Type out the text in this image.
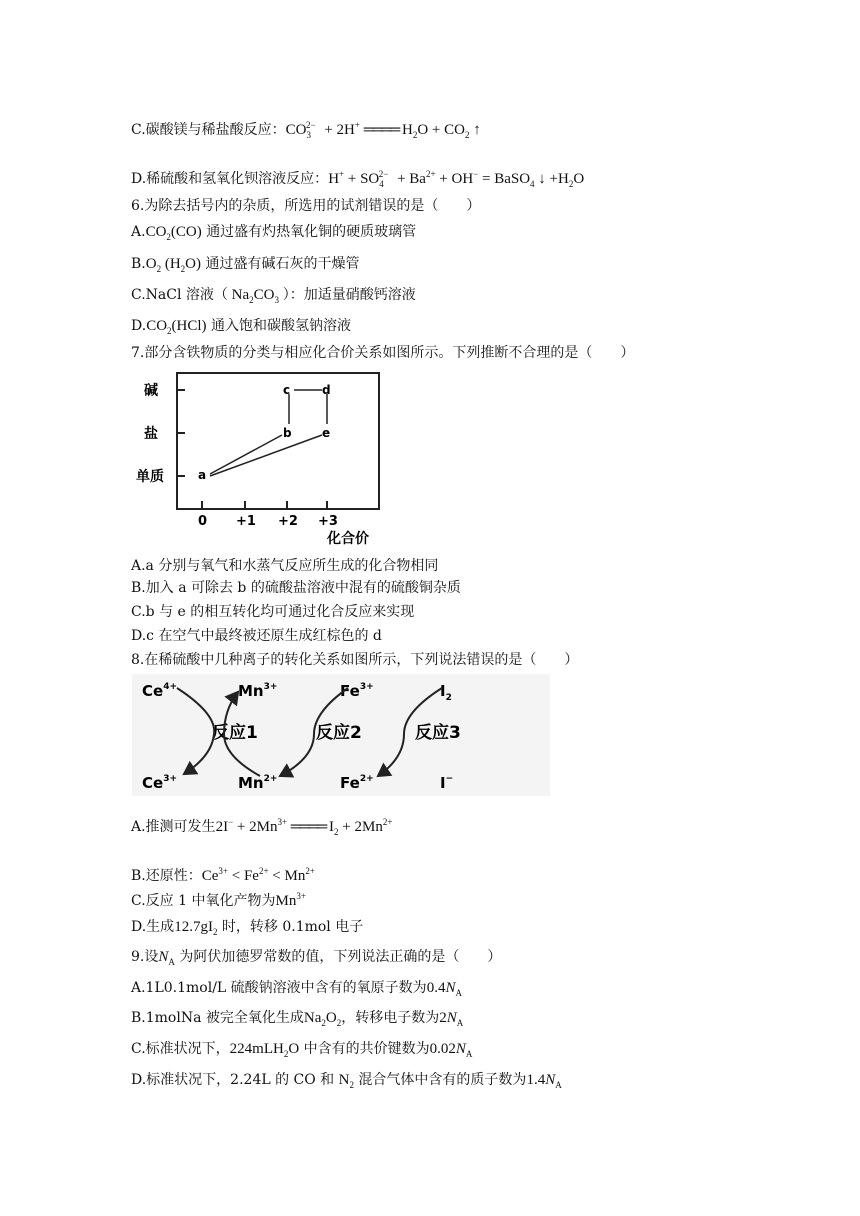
C.碳酸镁与稀盐酸反应：$CO_3^{2-} + 2H^+$ ════ $H_2O + CO_2$ ↑
D.稀硫酸和氢氧化钡溶液反应：$H^+ + SO_4^{2-} + Ba^{2+} + OH^-$ = BaSO$_4$ ↓ $+H_2O$
6.为除去括号内的杂质，所选用的试剂错误的是（　　）
$A.CO_2(CO)$ 通过盛有灼热氧化铜的硬质玻璃管
$B.O_2$ $(H_2O)$ 通过盛有碱石灰的干燥管
C.NaCl 溶液（ $Na_2CO_3$ ）：加适量硝酸钙溶液
$D.CO_2(HCl)$ 通入饱和碳酸氢钠溶液
7.部分含铁物质的分类与相应化合价关系如图所示。下列推断不合理的是（　　）
碱
盐
单质
0 +1 +2 +3
化合价
a
b
c	d
e
A.a 分别与氧气和水蒸气反应所生成的化合物相同
B.加入 a 可除去 b 的硫酸盐溶液中混有的硫酸铜杂质
C.b 与 e 的相互转化均可通过化合反应来实现
D.c 在空气中最终被还原生成红棕色的 d
8.在稀硫酸中几种离子的转化关系如图所示，下列说法错误的是（　　）
$Ce^{4+}$	$Mn^{3+}$	$Fe^{3+}$	$I_2$
$Ce^{3+}$	$Mn^{2+}$	$Fe^{2+}$	I−
反应1	反应2	反应3
A.推测可发生$2I^- + 2Mn^{3+}$ ════ $I_2 + 2Mn^{2+}$
B.还原性：$Ce^{3+} < Fe^{2+} < Mn^{2+}$
C.反应 1 中氧化产物为$Mn^{3+}$
D.生成$12.7gI_2$ 时，转移 0.1mol 电子
9.设$N_A$ 为阿伏加德罗常数的值，下列说法正确的是（　　）
A.1L0.1mol/L 硫酸钠溶液中含有的氧原子数为$0.4N_A$
B.1molNa 被完全氧化生成$Na_2O_2$，转移电子数为$2N_A$
C.标准状况下，224mLH$_2$O 中含有的共价键数为$0.02N_A$
D.标准状况下，2.24L 的 CO 和 $N_2$ 混合气体中含有的质子数为$1.4N_A$
